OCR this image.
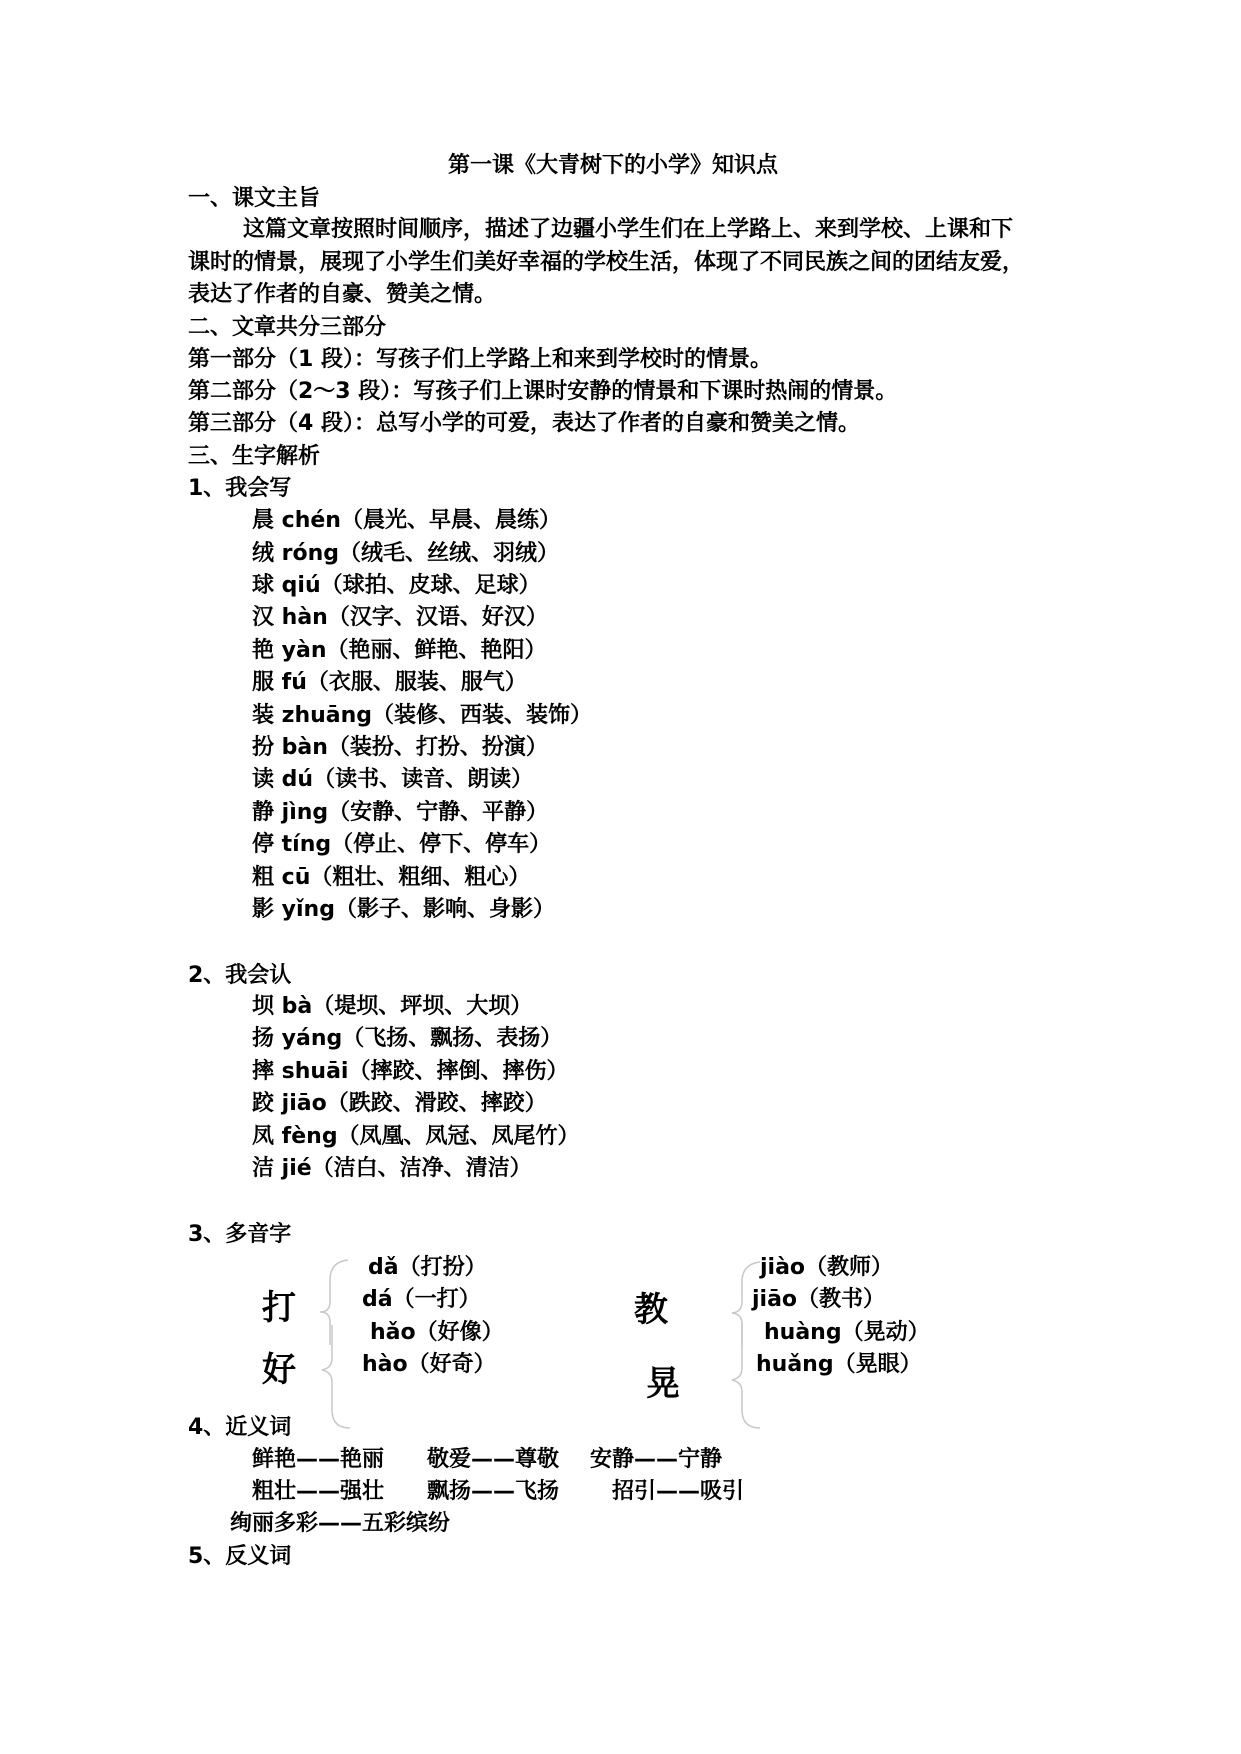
第一课《大青树下的小学》知识点
一、课文主旨
这篇文章按照时间顺序，描述了边疆小学生们在上学路上、来到学校、上课和下
课时的情景，展现了小学生们美好幸福的学校生活，体现了不同民族之间的团结友爱，
表达了作者的自豪、赞美之情。
二、文章共分三部分
第一部分（1 段）：写孩子们上学路上和来到学校时的情景。
第二部分（2～3 段）：写孩子们上课时安静的情景和下课时热闹的情景。
第三部分（4 段）：总写小学的可爱，表达了作者的自豪和赞美之情。
三、生字解析
1、我会写
晨 chén（晨光、早晨、晨练）
绒 róng（绒毛、丝绒、羽绒）
球 qiú（球拍、皮球、足球）
汉 hàn（汉字、汉语、好汉）
艳 yàn（艳丽、鲜艳、艳阳）
服 fú（衣服、服装、服气）
装 zhuāng（装修、西装、装饰）
扮 bàn（装扮、打扮、扮演）
读 dú（读书、读音、朗读）
静 jìng（安静、宁静、平静）
停 tíng（停止、停下、停车）
粗 cū（粗壮、粗细、粗心）
影 yǐng（影子、影响、身影）
2、我会认
坝 bà（堤坝、坪坝、大坝）
扬 yáng（飞扬、飘扬、表扬）
摔 shuāi（摔跤、摔倒、摔伤）
跤 jiāo（跌跤、滑跤、摔跤）
凤 fèng（凤凰、凤冠、凤尾竹）
洁 jié（洁白、洁净、清洁）
3、多音字
打
好
教
晃
dǎ（打扮）
dá（一打）
hǎo（好像）
hào（好奇）
jiào（教师）
jiāo（教书）
huàng（晃动）
huǎng（晃眼）
4、近义词
鲜艳——艳丽 敬爱——尊敬 安静——宁静
粗壮——强壮 飘扬——飞扬 招引——吸引
绚丽多彩——五彩缤纷
5、反义词
